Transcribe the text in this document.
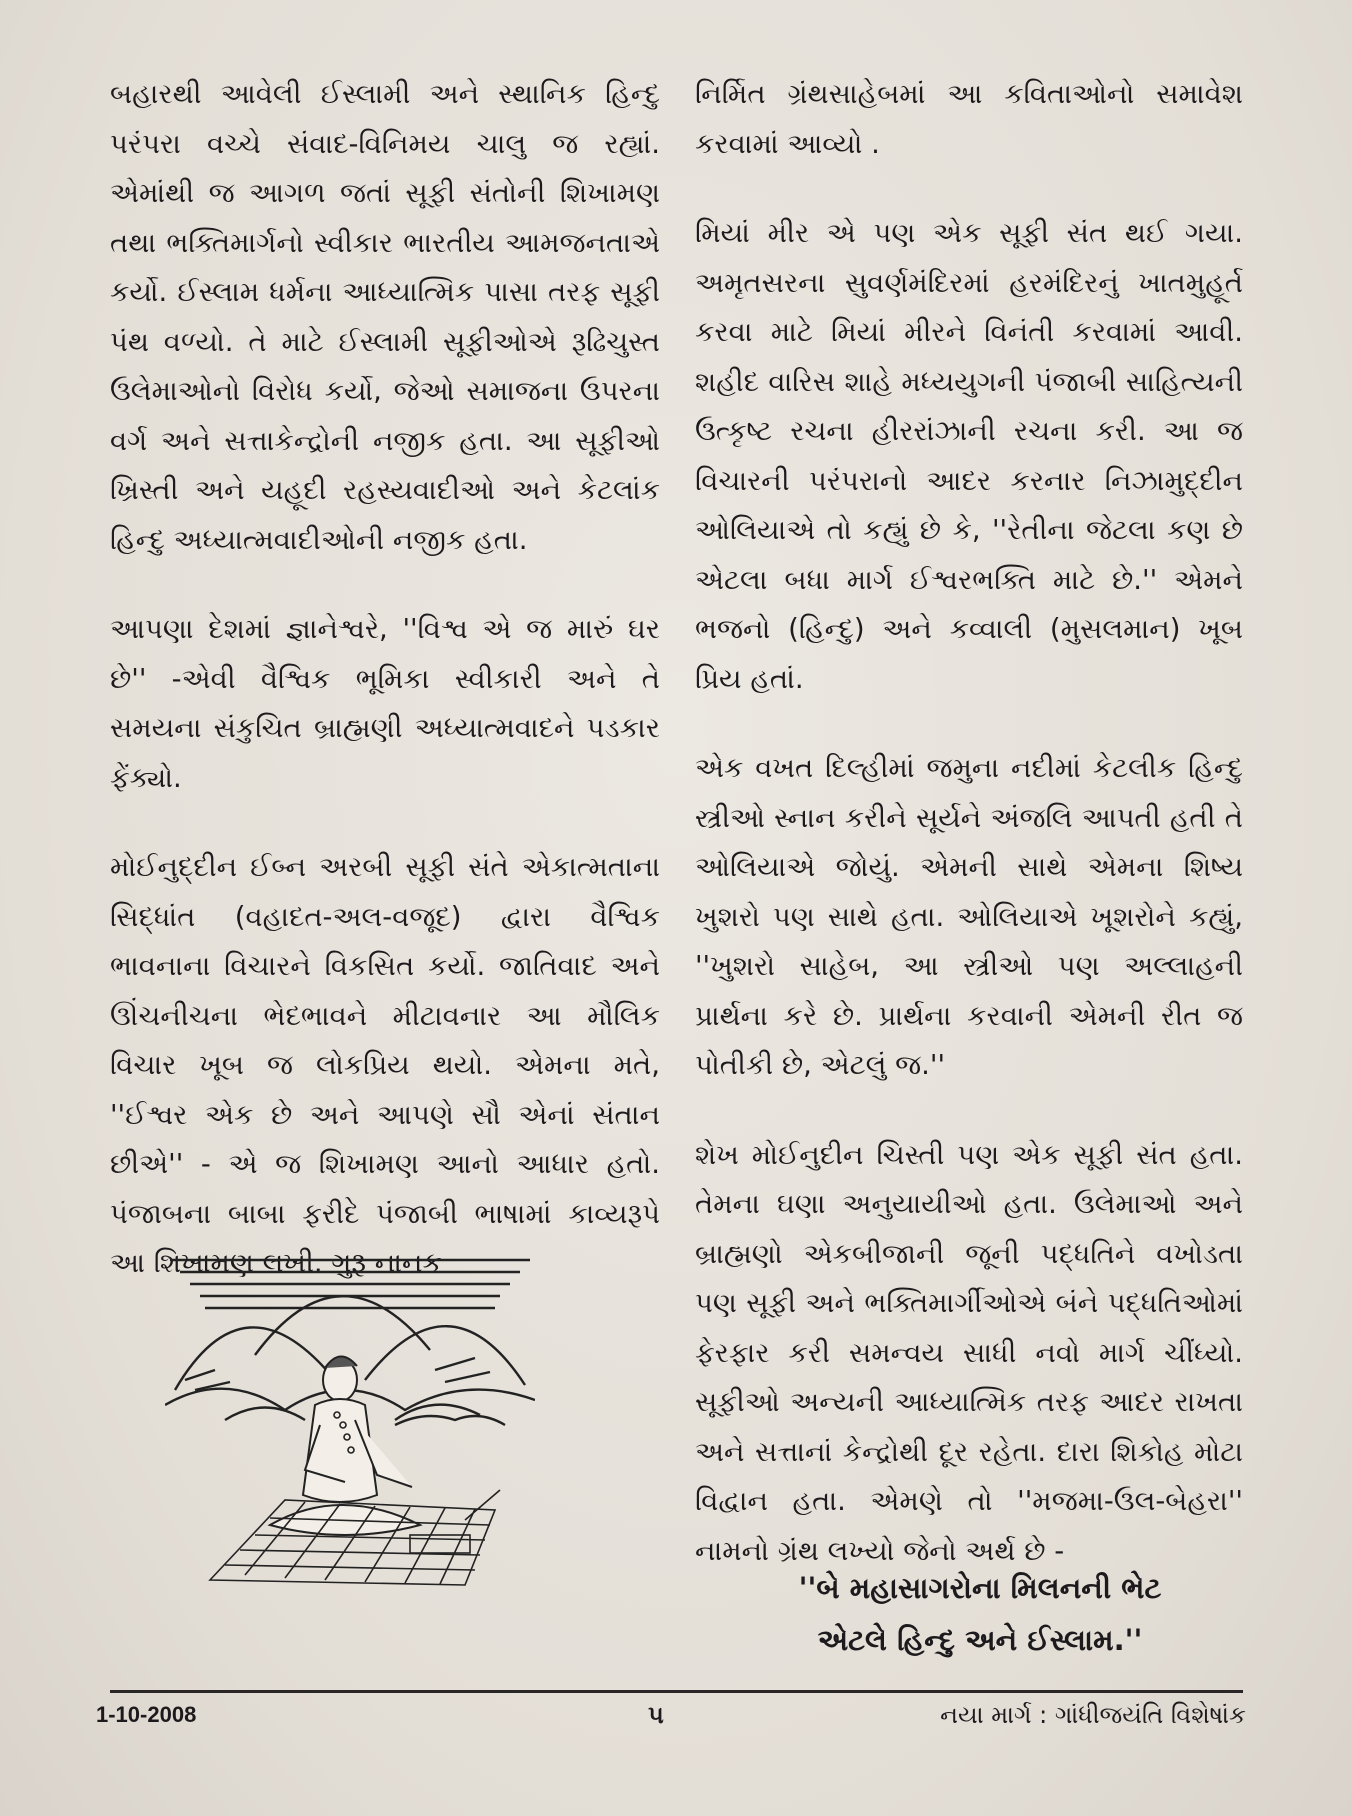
બહારથી આવેલી ઈસ્લામી અને સ્થાનિક હિન્દુ પરંપરા વચ્ચે સંવાદ-વિનિમય ચાલુ જ રહ્યાં. એમાંથી જ આગળ જતાં સૂફી સંતોની શિખામણ તથા ભક્તિમાર્ગનો સ્વીકાર ભારતીય આમજનતાએ કર્યો. ઈસ્લામ ધર્મના આધ્યાત્મિક પાસા તરફ સૂફી પંથ વળ્યો. તે માટે ઈસ્લામી સૂફીઓએ રૂઢિચુસ્ત ઉલેમાઓનો વિરોધ કર્યો, જેઓ સમાજના ઉપરના વર્ગ અને સત્તાકેન્દ્રોની નજીક હતા. આ સૂફીઓ ખ્રિસ્તી અને યહૂદી રહસ્યવાદીઓ અને કેટલાંક હિન્દુ અધ્યાત્મવાદીઓની નજીક હતા.

આપણા દેશમાં જ્ઞાનેશ્વરે, ''વિશ્વ એ જ મારું ઘર છે'' -એવી વૈશ્વિક ભૂમિકા સ્વીકારી અને તે સમયના સંકુચિત બ્રાહ્મણી અધ્યાત્મવાદને પડકાર ફેંક્યો.

મોઈનુદ્દીન ઈબ્ન અરબી સૂફી સંતે એકાત્મતાના સિદ્ધાંત (વહાદત-અલ-વજૂદ) દ્વારા વૈશ્વિક ભાવનાના વિચારને વિકસિત કર્યો. જાતિવાદ અને ઊંચનીચના ભેદભાવને મીટાવનાર આ મૌલિક વિચાર ખૂબ જ લોકપ્રિય થયો. એમના મતે, ''ઈશ્વર એક છે અને આપણે સૌ એનાં સંતાન છીએ'' - એ જ શિખામણ આનો આધાર હતો. પંજાબના બાબા ફરીદે પંજાબી ભાષામાં કાવ્યરૂપે આ શિખામણ લખી. ગુરૂ નાનક

નિર્મિત ગ્રંથસાહેબમાં આ કવિતાઓનો સમાવેશ કરવામાં આવ્યો .

મિયાં મીર એ પણ એક સૂફી સંત થઈ ગયા. અમૃતસરના સુવર્ણમંદિરમાં હરમંદિરનું ખાતમુહૂર્ત કરવા માટે મિયાં મીરને વિનંતી કરવામાં આવી. શહીદ વારિસ શાહે મધ્યયુગની પંજાબી સાહિત્યની ઉત્કૃષ્ટ રચના હીરરાંઝાની રચના કરી. આ જ વિચારની પરંપરાનો આદર કરનાર નિઝામુદ્દીન ઓલિયાએ તો કહ્યું છે કે, ''રેતીના જેટલા કણ છે એટલા બધા માર્ગ ઈશ્વરભક્તિ માટે છે.'' એમને ભજનો (હિન્દુ) અને કવ્વાલી (મુસલમાન) ખૂબ પ્રિય હતાં.

એક વખત દિલ્હીમાં જમુના નદીમાં કેટલીક હિન્દુ સ્ત્રીઓ સ્નાન કરીને સૂર્યને અંજલિ આપતી હતી તે ઓલિયાએ જોયું. એમની સાથે એમના શિષ્ય ખુશરો પણ સાથે હતા. ઓલિયાએ ખૂશરોને કહ્યું, ''ખુશરો સાહેબ, આ સ્ત્રીઓ પણ અલ્લાહની પ્રાર્થના કરે છે. પ્રાર્થના કરવાની એમની રીત જ પોતીકી છે, એટલું જ.''

શેખ મોઈનુદીન ચિસ્તી પણ એક સૂફી સંત હતા. તેમના ઘણા અનુયાયીઓ હતા. ઉલેમાઓ અને બ્રાહ્મણો એકબીજાની જૂની પદ્ધતિને વખોડતા પણ સૂફી અને ભક્તિમાર્ગીઓએ બંને પદ્ધતિઓમાં ફેરફાર કરી સમન્વય સાધી નવો માર્ગ ચીંધ્યો. સૂફીઓ અન્યની આધ્યાત્મિક તરફ આદર રાખતા અને સત્તાનાં કેન્દ્રોથી દૂર રહેતા. દારા શિકોહ મોટા વિદ્વાન હતા. એમણે તો ''મજમા-ઉલ-બેહરા'' નામનો ગ્રંથ લખ્યો જેનો અર્થ છે -

''બે મહાસાગરોના મિલનની ભેટ
એટલે હિન્દુ અને ઈસ્લામ.''
1-10-2008	૫	નયા માર્ગ : ગાંધીજયંતિ વિશેષાંક
